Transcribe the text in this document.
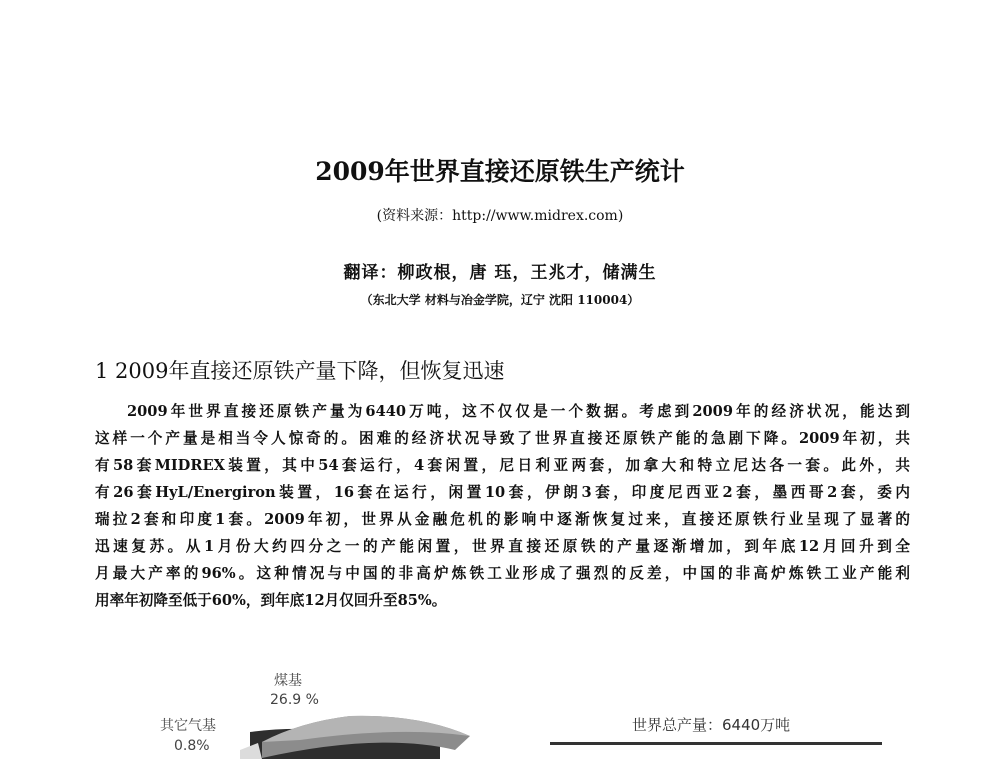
2009年世界直接还原铁生产统计
(资料来源：http://www.midrex.com)
翻译：柳政根，唐 珏，王兆才，储满生
（东北大学 材料与冶金学院，辽宁 沈阳 110004）
1 2009年直接还原铁产量下降，但恢复迅速
2009年世界直接还原铁产量为6440万吨，这不仅仅是一个数据。考虑到2009年的经济状况，能达到
这样一个产量是相当令人惊奇的。困难的经济状况导致了世界直接还原铁产能的急剧下降。2009年初，共
有58套MIDREX装置，其中54套运行，4套闲置，尼日利亚两套，加拿大和特立尼达各一套。此外，共
有26套HyL/Energiron装置，16套在运行，闲置10套，伊朗3套，印度尼西亚2套，墨西哥2套，委内
瑞拉2套和印度1套。2009年初，世界从金融危机的影响中逐渐恢复过来，直接还原铁行业呈现了显著的
迅速复苏。从1月份大约四分之一的产能闲置，世界直接还原铁的产量逐渐增加，到年底12月回升到全
月最大产率的96%。这种情况与中国的非高炉炼铁工业形成了强烈的反差，中国的非高炉炼铁工业产能利
用率年初降至低于60%，到年底12月仅回升至85%。
煤基
26.9 %
其它气基
0.8%
世界总产量：6440万吨
